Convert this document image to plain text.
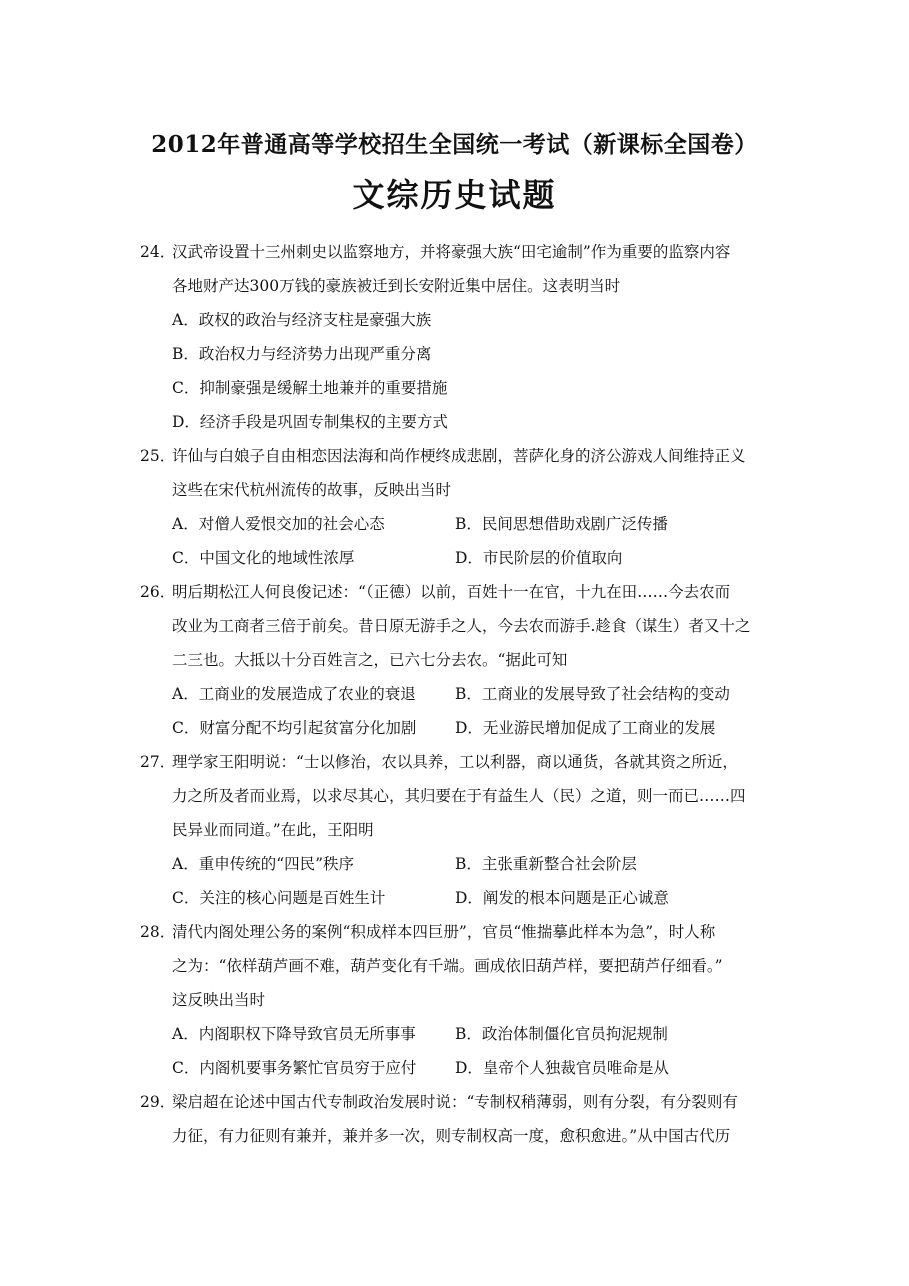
2012年普通高等学校招生全国统一考试（新课标全国卷）
文综历史试题
24．
汉武帝设置十三州刺史以监察地方，并将豪强大族“田宅逾制”作为重要的监察内容
各地财产达300万钱的豪族被迁到长安附近集中居住。这表明当时
A．政权的政治与经济支柱是豪强大族
B．政治权力与经济势力出现严重分离
C．抑制豪强是缓解土地兼并的重要措施
D．经济手段是巩固专制集权的主要方式
25．
许仙与白娘子自由相恋因法海和尚作梗终成悲剧，菩萨化身的济公游戏人间维持正义
这些在宋代杭州流传的故事，反映出当时
A．对僧人爱恨交加的社会心态	B．民间思想借助戏剧广泛传播
C．中国文化的地域性浓厚	D．市民阶层的价值取向
26．
明后期松江人何良俊记述：“（正德）以前，百姓十一在官，十九在田……今去农而
改业为工商者三倍于前矣。昔日原无游手之人，今去农而游手.趁食（谋生）者又十之
二三也。大抵以十分百姓言之，已六七分去农。“据此可知
A．工商业的发展造成了农业的衰退	B．工商业的发展导致了社会结构的变动
C．财富分配不均引起贫富分化加剧 D．无业游民增加促成了工商业的发展
27．
理学家王阳明说：“士以修治，农以具养，工以利器，商以通货，各就其资之所近，
力之所及者而业焉，以求尽其心，其归要在于有益生人（民）之道，则一而已……四
民异业而同道。”在此，王阳明
A．重申传统的“四民”秩序	B．主张重新整合社会阶层
C．关注的核心问题是百姓生计	D．阐发的根本问题是正心诚意
28．
清代内阁处理公务的案例“积成样本四巨册”，官员“惟揣摹此样本为急”，时人称
之为：“依样葫芦画不难，葫芦变化有千端。画成依旧葫芦样，要把葫芦仔细看。”
这反映出当时
A．内阁职权下降导致官员无所事事	B．政治体制僵化官员拘泥规制
C．内阁机要事务繁忙官员穷于应付 D．皇帝个人独裁官员唯命是从
29．
梁启超在论述中国古代专制政治发展时说：“专制权稍薄弱，则有分裂，有分裂则有
力征，有力征则有兼并，兼并多一次，则专制权高一度，愈积愈进。”从中国古代历
